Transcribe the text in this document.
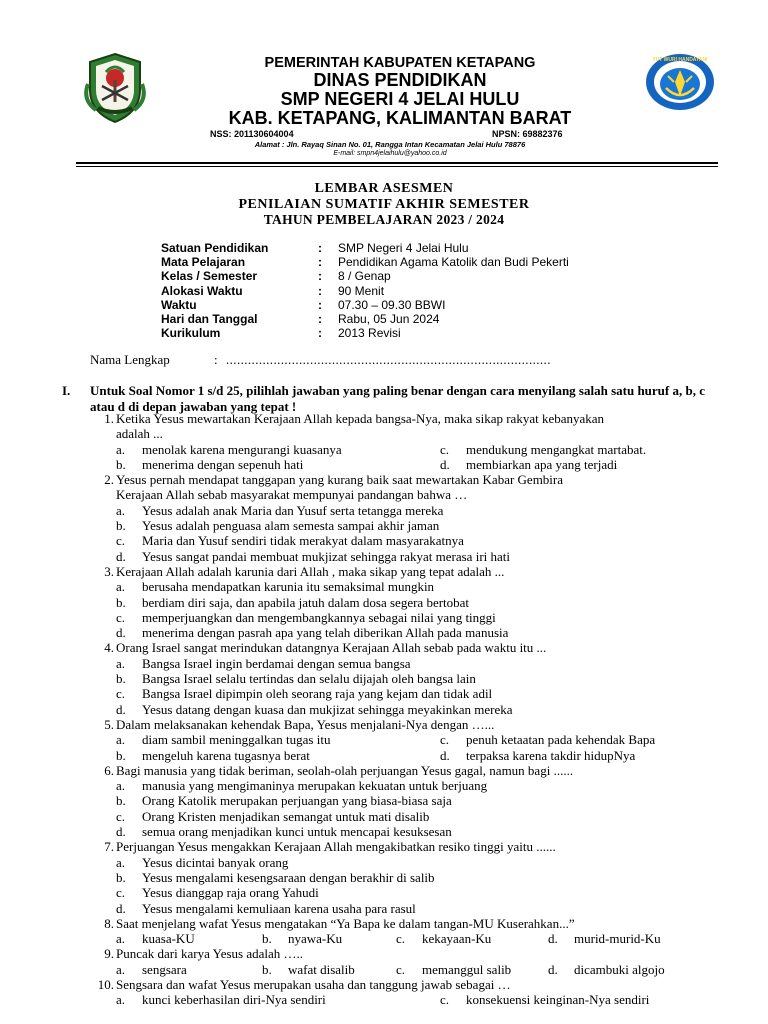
TUT WURI HANDAYANI
PEMERINTAH KABUPATEN KETAPANG
DINAS PENDIDIKAN
SMP NEGERI 4 JELAI HULU
KAB. KETAPANG, KALIMANTAN BARAT
NSS: 201130604004	NPSN: 69882376
Alamat : Jln. Rayaq Sinan No. 01, Rangga Intan Kecamatan Jelai Hulu 78876
E-mail: smpn4jelaihulu@yahoo.co.id
LEMBAR ASESMEN
PENILAIAN SUMATIF AKHIR SEMESTER
TAHUN PEMBELAJARAN 2023 / 2024
Satuan Pendidikan	: SMP Negeri 4 Jelai Hulu
Mata Pelajaran	: Pendidikan Agama Katolik dan Budi Pekerti
Kelas / Semester	: 8 / Genap
Alokasi Waktu	: 90 Menit
Waktu	: 07.30 – 09.30 BBWI
Hari dan Tanggal	: Rabu, 05 Jun 2024
Kurikulum	: 2013 Revisi
Nama Lengkap	: .........................................................................................
I. Untuk Soal Nomor 1 s/d 25, pilihlah jawaban yang paling benar dengan cara menyilang salah satu huruf a, b, c atau d di depan jawaban yang tepat !
1. Ketika Yesus mewartakan Kerajaan Allah kepada bangsa-Nya, maka sikap rakyat kebanyakan
adalah ...
a. menolak karena mengurangi kuasanya	c. mendukung mengangkat martabat.
b. menerima dengan sepenuh hati	d. membiarkan apa yang terjadi
2. Yesus pernah mendapat tanggapan yang kurang baik saat mewartakan Kabar Gembira
Kerajaan Allah sebab masyarakat mempunyai pandangan bahwa …
a. Yesus adalah anak Maria dan Yusuf serta tetangga mereka
b. Yesus adalah penguasa alam semesta sampai akhir jaman
c. Maria dan Yusuf sendiri tidak merakyat dalam masyarakatnya
d. Yesus sangat pandai membuat mukjizat sehingga rakyat merasa iri hati
3. Kerajaan Allah adalah karunia dari Allah , maka sikap yang tepat adalah ...
a. berusaha mendapatkan karunia itu semaksimal mungkin
b. berdiam diri saja, dan apabila jatuh dalam dosa segera bertobat
c. memperjuangkan dan mengembangkannya sebagai nilai yang tinggi
d. menerima dengan pasrah apa yang telah diberikan Allah pada manusia
4. Orang Israel sangat merindukan datangnya Kerajaan Allah sebab pada waktu itu ...
a. Bangsa Israel ingin berdamai dengan semua bangsa
b. Bangsa Israel selalu tertindas dan selalu dijajah oleh bangsa lain
c. Bangsa Israel dipimpin oleh seorang raja yang kejam dan tidak adil
d. Yesus datang dengan kuasa dan mukjizat sehingga meyakinkan mereka
5. Dalam melaksanakan kehendak Bapa, Yesus menjalani-Nya dengan …...
a. diam sambil meninggalkan tugas itu	c. penuh ketaatan pada kehendak Bapa
b. mengeluh karena tugasnya berat	d. terpaksa karena takdir hidupNya
6. Bagi manusia yang tidak beriman, seolah-olah perjuangan Yesus gagal, namun bagi ......
a. manusia yang mengimaninya merupakan kekuatan untuk berjuang
b. Orang Katolik merupakan perjuangan yang biasa-biasa saja
c. Orang Kristen menjadikan semangat untuk mati disalib
d. semua orang menjadikan kunci untuk mencapai kesuksesan
7. Perjuangan Yesus mengakkan Kerajaan Allah mengakibatkan resiko tinggi yaitu ......
a. Yesus dicintai banyak orang
b. Yesus mengalami kesengsaraan dengan berakhir di salib
c. Yesus dianggap raja orang Yahudi
d. Yesus mengalami kemuliaan karena usaha para rasul
8. Saat menjelang wafat Yesus mengatakan “Ya Bapa ke dalam tangan-MU Kuserahkan...”
a. kuasa-KU	b. nyawa-Ku	c. kekayaan-Ku	d. murid-murid-Ku
9. Puncak dari karya Yesus adalah …..
a. sengsara	b. wafat disalib	c. memanggul salib	d. dicambuki algojo
10. Sengsara dan wafat Yesus merupakan usaha dan tanggung jawab sebagai …
a. kunci keberhasilan diri-Nya sendiri	c. konsekuensi keinginan-Nya sendiri
